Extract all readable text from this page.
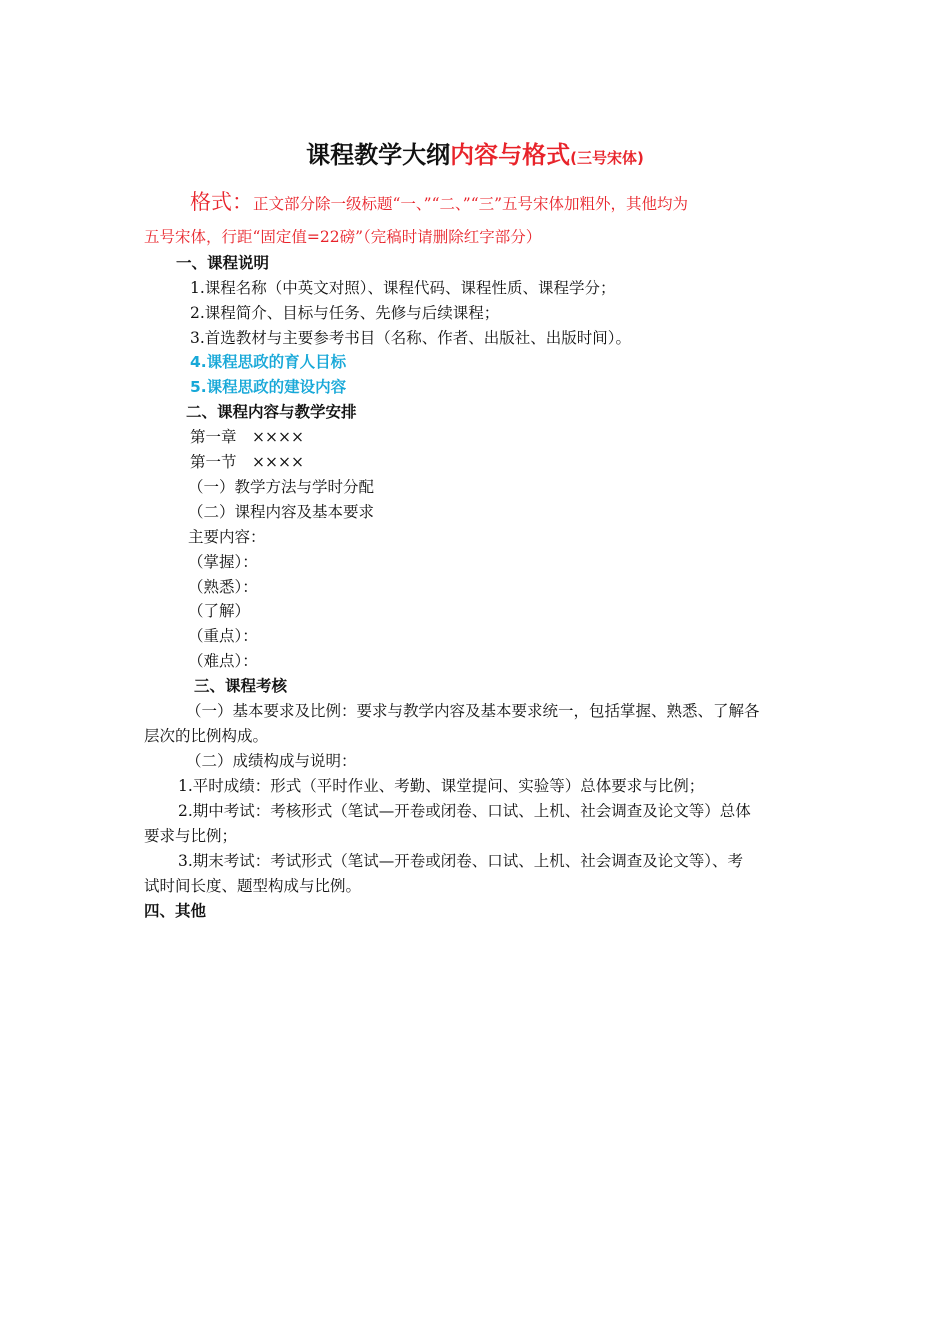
课程教学大纲内容与格式(三号宋体)
格式：正文部分除一级标题“一、”“二、”“三”五号宋体加粗外，其他均为
五号宋体，行距“固定值=22磅”（完稿时请删除红字部分）
一、课程说明
1.课程名称（中英文对照）、课程代码、课程性质、课程学分；
2.课程简介、目标与任务、先修与后续课程；
3.首选教材与主要参考书目（名称、作者、出版社、出版时间）。
4.课程思政的育人目标
5.课程思政的建设内容
二、课程内容与教学安排
第一章　××××
第一节　××××
（一）教学方法与学时分配
（二）课程内容及基本要求
主要内容：
（掌握）：
（熟悉）：
（了解）
（重点）：
（难点）：
三、课程考核
（一）基本要求及比例：要求与教学内容及基本要求统一，包括掌握、熟悉、了解各
层次的比例构成。
（二）成绩构成与说明：
1.平时成绩：形式（平时作业、考勤、课堂提问、实验等）总体要求与比例；
2.期中考试：考核形式（笔试—开卷或闭卷、口试、上机、社会调查及论文等）总体
要求与比例；
3.期末考试：考试形式（笔试—开卷或闭卷、口试、上机、社会调查及论文等）、考
试时间长度、题型构成与比例。
四、其他
